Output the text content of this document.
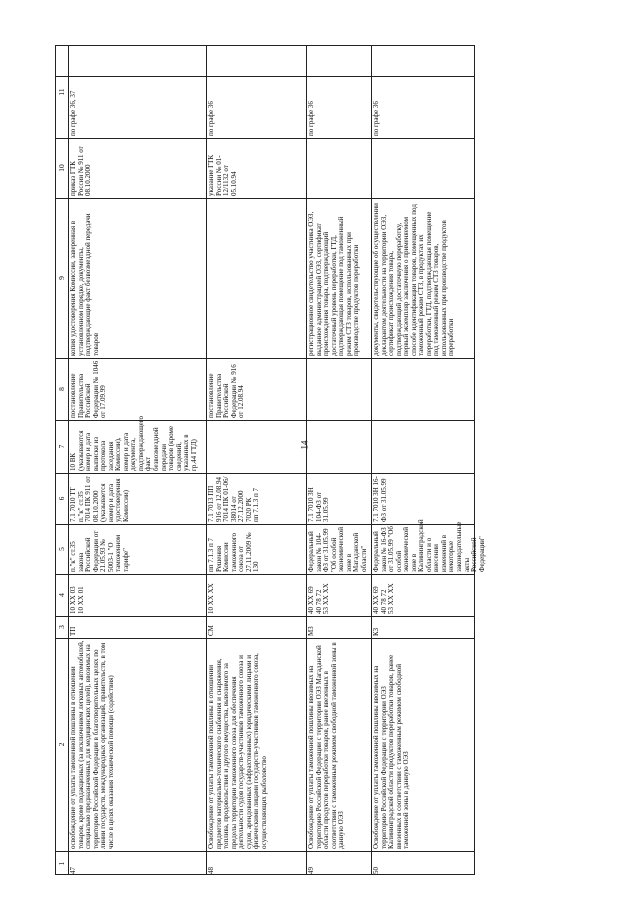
14
1
2
3
4
5
6
7
8
9
10
11
47
освобождение от уплаты таможенной пошлины в отношении товаров, кроме подакцизных (за исключением легковых автомобилей, специально предназначенных для медицинских целей), ввозимых на территорию Российской Федерации в благотворительных целях по линии государств, международных организаций, правительств, в том числе в целях оказания технической помощи (содействия)
ТП
10 XX 03
10 XX 01
п."к" ст.35 закона Российской Федерации от 21.05.93 № 5003-1 "О таможенном тарифе"
7.1 7010 ТТ п."к" ст.35
7014 ПК 911 от 08.10.2000
(указывается номер и дата удостоверения Комиссии)
10 ВК (указываются номер и дата выписки из протокола заседания Комиссии), номер и дата документа, подтверждающего факт безвозмездной передачи товаров (кроме сведений, указанных в гр.44 ГТД)
постановление Правительства Российской Федерации № 1046 от 17.09.99
копия удостоверения Комиссии, заверенная в установленном порядке, документы, подтверждающие факт безвозмездной передачи товаров
приказ ГТК России № 911 от 08.10.2000
по графе 36, 37
48
Освобождение от уплаты таможенной пошлины в отношении предметов материально-технического снабжения и снаряжения, топлива, продовольствия и другого имущества, вывозимого за пределы территории таможенного союза для обеспечения деятельности судов государств-участников таможенного союза и судов, арендованных (зафрахтованных) юридическими лицами и физическими лицами государств-участников таможенного союза, осуществляющих рыболовство
СМ
10 XX XX
пп 7.1.3 п 7 Решения Комиссии таможенного союза от 27.11.2009 № 130
7.1 7013 ПП
916 от 12.08.94
7014 ПК 01-06/
38014 от
27.12.2000
7020 РК
пп 7.1.3 п 7
постановление Правительства Российской Федерации № 916 от 12.08.94
указание ГТК России № 01-12/1132 от 05.10.94
по графе 36
49
Освобождение от уплаты таможенной пошлины ввозимых на территорию Российской Федерации с территории ОЭЗ Магаданской области продуктов переработки товаров, ранее ввезенных в соответствии с таможенным режимом свободной таможенной зоны в данную ОЭЗ
МЗ
40 XX 69
40 78 72
53 XX XX
Федеральный закон № 104-ФЗ от 31.05.99 "Об особой экономической зоне в Магаданской области"
7.1 7010 ЗН 104-ФЗ от 31.05.99
регистрационное свидетельство участника ОЭЗ, выданное администрацией ОЭЗ, сертификат происхождения товара, подтверждающий достаточный уровень переработки, ГТД, подтверждающая помещение под таможенный режим СТЗ товаров, использованных при производстве продуктов переработки
по графе 36
50
Освобождение от уплаты таможенной пошлины ввозимых на территорию Российской Федерации с территории ОЭЗ Калининградской области продуктов переработки товаров, ранее ввезенных в соответствии с таможенным режимом свободной таможенной зоны в данную ОЭЗ
КЗ
40 XX 69
40 78 72
53 XX XX
Федеральный закон № 16-ФЗ от 31.05.99 "Об особой экономической зоне в Калининградской области и о внесении изменений в некоторые законодательные акты Российской Федерации"
7.1 7010 ЗН 16-ФЗ от 31.05.99
документы, свидетельствующие об осуществлении декларантом деятельности на территории ОЭЗ, сертификат происхождения товара, подтверждающий достаточную переработку, первый экземпляр заключения о применяемом способе идентификации товаров, помещенных под таможенный режим СТЗ, в продуктах их переработки, ГТД, подтверждающая помещение под таможенный режим СТЗ товаров, использованных при производстве продуктов переработки
по графе 36
